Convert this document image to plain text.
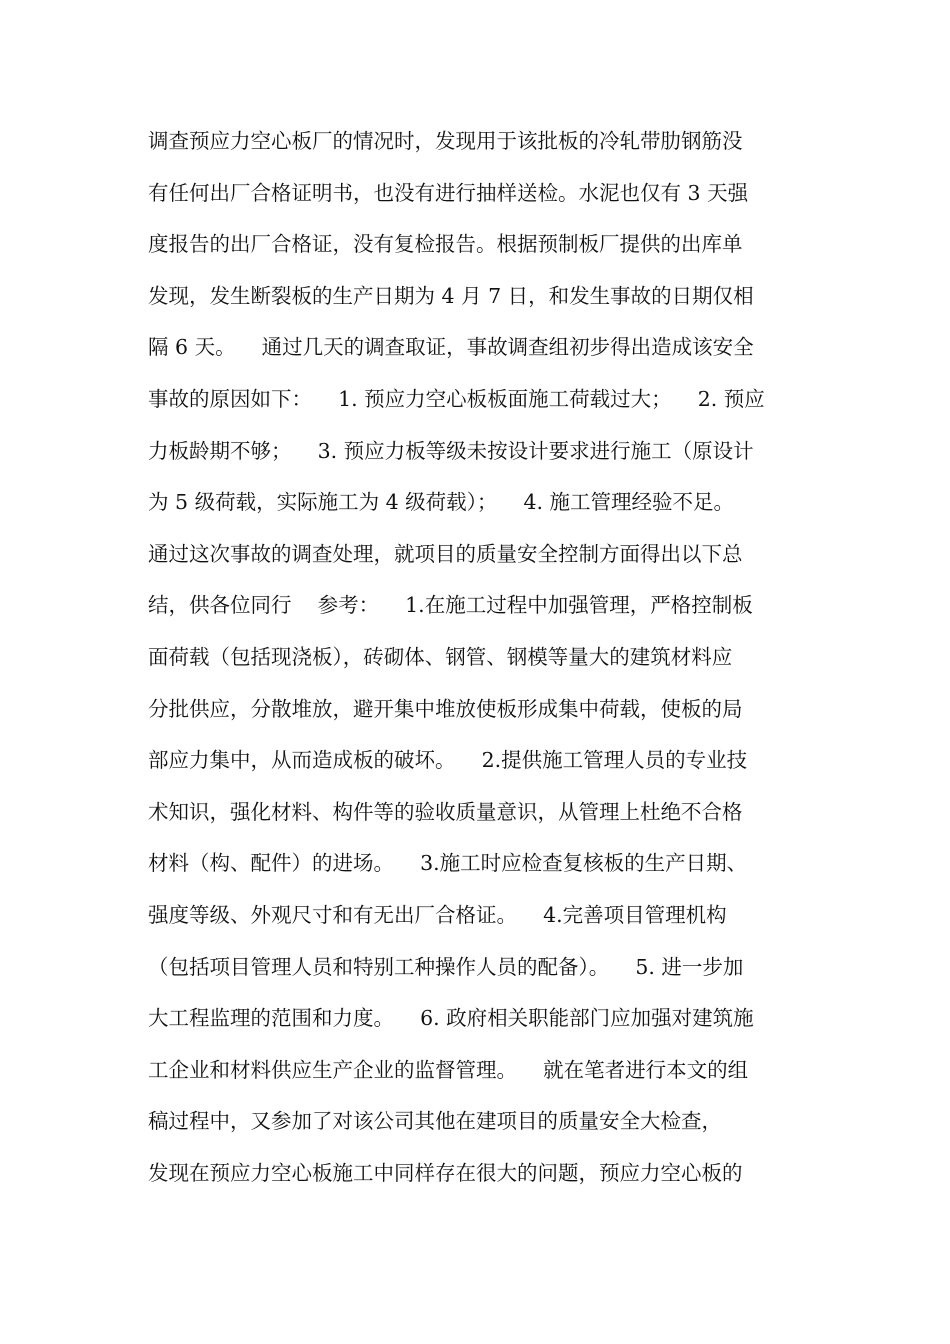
调查预应力空心板厂的情况时，发现用于该批板的冷轧带肋钢筋没
有任何出厂合格证明书，也没有进行抽样送检。水泥也仅有 3 天强
度报告的出厂合格证，没有复检报告。根据预制板厂提供的出库单
发现，发生断裂板的生产日期为 4 月 7 日，和发生事故的日期仅相
隔 6 天。    通过几天的调查取证，事故调查组初步得出造成该安全
事故的原因如下：    1. 预应力空心板板面施工荷载过大；    2. 预应
力板龄期不够；    3. 预应力板等级未按设计要求进行施工（原设计
为 5 级荷载，实际施工为 4 级荷载）；    4. 施工管理经验不足。
通过这次事故的调查处理，就项目的质量安全控制方面得出以下总
结，供各位同行    参考：    1.在施工过程中加强管理，严格控制板
面荷载（包括现浇板），砖砌体、钢管、钢模等量大的建筑材料应
分批供应，分散堆放，避开集中堆放使板形成集中荷载，使板的局
部应力集中，从而造成板的破坏。    2.提供施工管理人员的专业技
术知识，强化材料、构件等的验收质量意识，从管理上杜绝不合格
材料（构、配件）的进场。    3.施工时应检查复核板的生产日期、
强度等级、外观尺寸和有无出厂合格证。    4.完善项目管理机构
（包括项目管理人员和特别工种操作人员的配备）。    5. 进一步加
大工程监理的范围和力度。    6. 政府相关职能部门应加强对建筑施
工企业和材料供应生产企业的监督管理。    就在笔者进行本文的组
稿过程中，又参加了对该公司其他在建项目的质量安全大检查，
发现在预应力空心板施工中同样存在很大的问题，预应力空心板的
